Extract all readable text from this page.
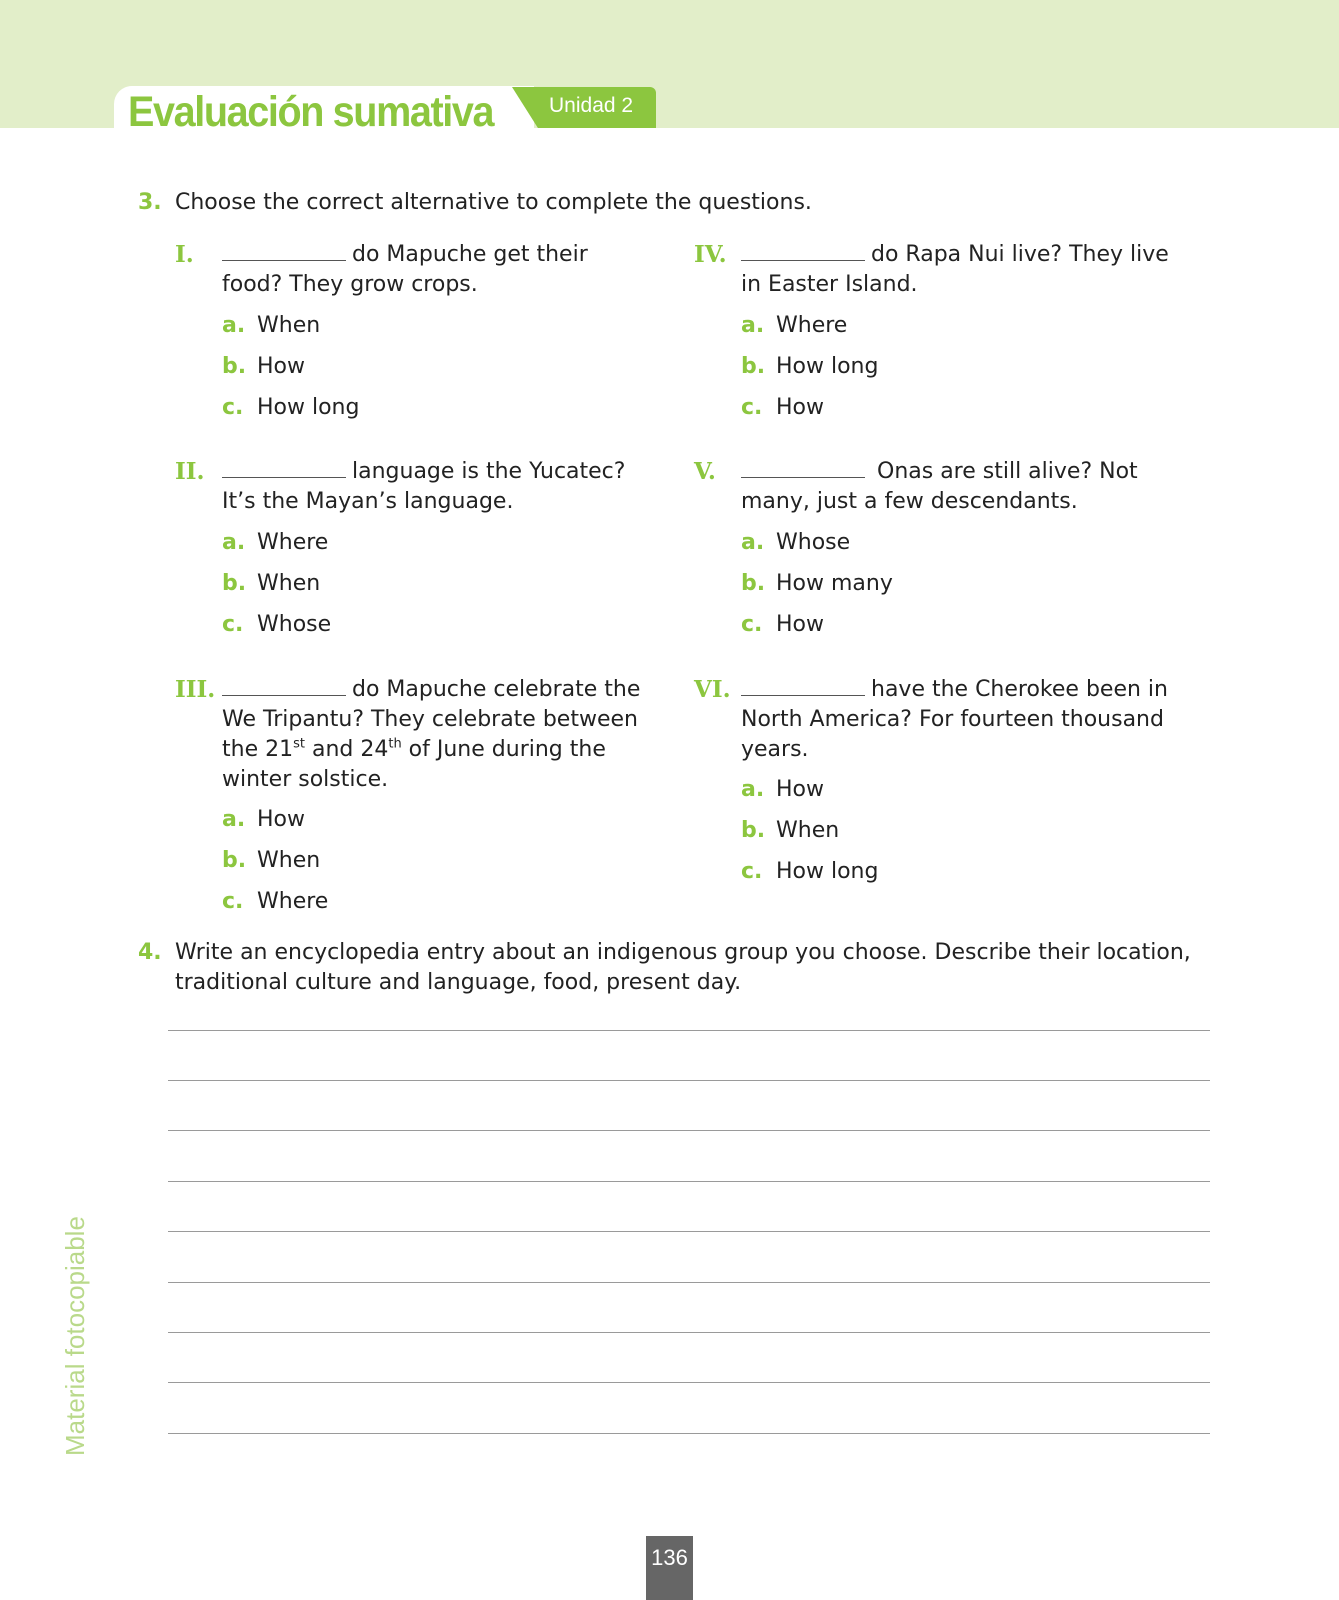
Evaluación sumativa	Unidad 2
3. Choose the correct alternative to complete the questions.
I.	do Mapuche get their
food? They grow crops.
a. When
b. How
c. How long
II.	language is the Yucatec?
It’s the Mayan’s language.
a. Where
b. When
c. Whose
III.	do Mapuche celebrate the
We Tripantu? They celebrate between
the 21st and 24th of June during the
winter solstice.
a. How
b. When
c. Where
IV.	do Rapa Nui live? They live
in Easter Island.
a. Where
b. How long
c. How
V.	Onas are still alive? Not
many, just a few descendants.
a. Whose
b. How many
c. How
VI.	have the Cherokee been in
North America? For fourteen thousand
years.
a. How
b. When
c. How long
4. Write an encyclopedia entry about an indigenous group you choose. Describe their location, traditional culture and language, food, present day.
Material fotocopiable
136
